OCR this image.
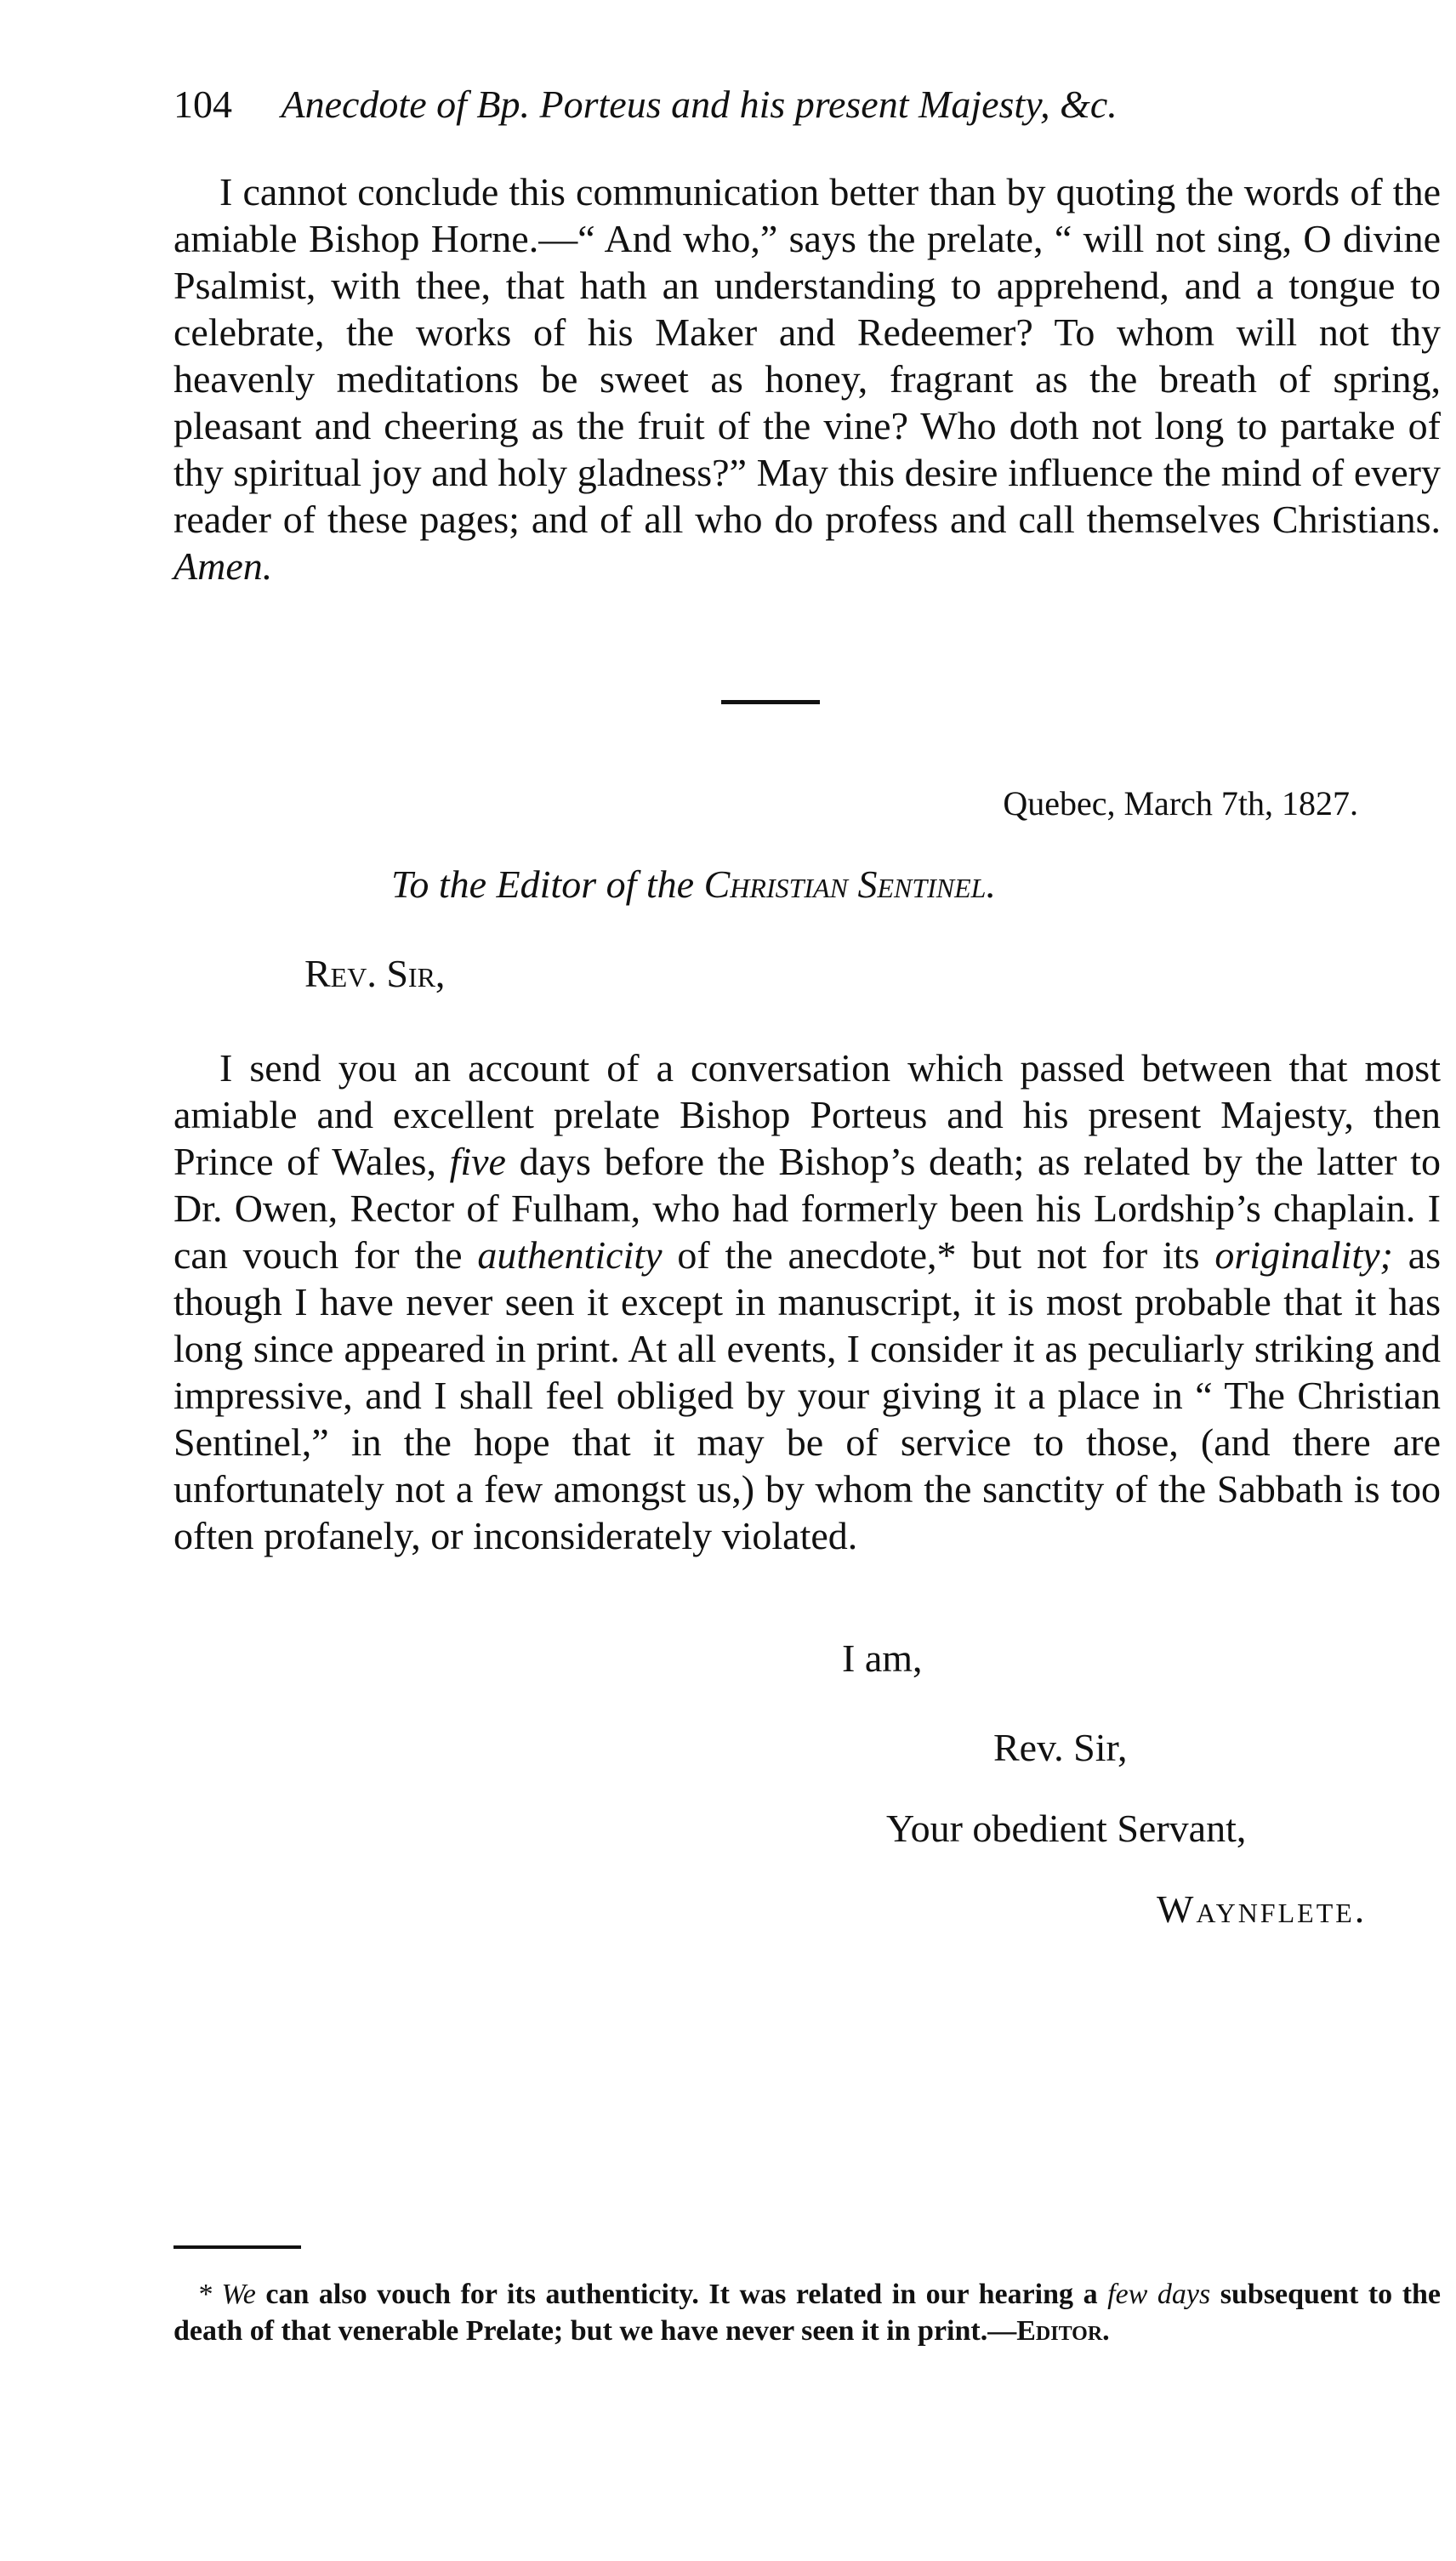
104 Anecdote of Bp. Porteus and his present Majesty, &c.

I cannot conclude this communication better than by quoting the words of the amiable Bishop Horne.—“ And who,” says the prelate, “ will not sing, O divine Psalmist, with thee, that hath an understanding to apprehend, and a tongue to celebrate, the works of his Maker and Redeemer? To whom will not thy heavenly meditations be sweet as honey, fragrant as the breath of spring, pleasant and cheering as the fruit of the vine? Who doth not long to partake of thy spiritual joy and holy gladness?” May this desire influence the mind of every reader of these pages; and of all who do profess and call themselves Christians. Amen.

Quebec, March 7th, 1827.
To the Editor of the Christian Sentinel.
Rev. Sir,

I send you an account of a conversation which passed between that most amiable and excellent prelate Bishop Porteus and his present Majesty, then Prince of Wales, five days before the Bishop’s death; as related by the latter to Dr. Owen, Rector of Fulham, who had formerly been his Lordship’s chaplain. I can vouch for the authenticity of the anecdote,* but not for its originality; as though I have never seen it except in manuscript, it is most probable that it has long since appeared in print. At all events, I consider it as peculiarly striking and impressive, and I shall feel obliged by your giving it a place in “ The Christian Sentinel,” in the hope that it may be of service to those, (and there are unfortunately not a few amongst us,) by whom the sanctity of the Sabbath is too often profanely, or inconsiderately violated.

I am,
Rev. Sir,
Your obedient Servant,
Waynflete.

* We can also vouch for its authenticity. It was related in our hearing a few days subsequent to the death of that venerable Prelate; but we have never seen it in print.—Editor.
